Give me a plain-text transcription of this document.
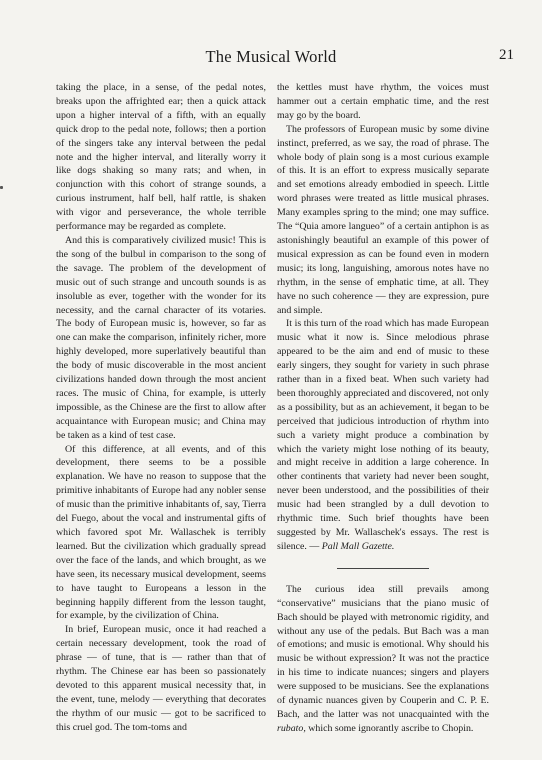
The Musical World	21

taking the place, in a sense, of the pedal notes, breaks upon the affrighted ear; then a quick attack upon a higher interval of a fifth, with an equally quick drop to the pedal note, follows; then a portion of the singers take any interval between the pedal note and the higher interval, and literally worry it like dogs shaking so many rats; and when, in conjunction with this cohort of strange sounds, a curious instrument, half bell, half rattle, is shaken with vigor and perseverance, the whole terrible performance may be regarded as complete.

And this is comparatively civilized music! This is the song of the bulbul in comparison to the song of the savage. The problem of the development of music out of such strange and uncouth sounds is as insoluble as ever, together with the wonder for its necessity, and the carnal character of its votaries. The body of European music is, however, so far as one can make the comparison, infinitely richer, more highly developed, more superlatively beautiful than the body of music discoverable in the most ancient civilizations handed down through the most ancient races. The music of China, for example, is utterly impossible, as the Chinese are the first to allow after acquaintance with European music; and China may be taken as a kind of test case.

Of this difference, at all events, and of this development, there seems to be a possible explanation. We have no reason to suppose that the primitive inhabitants of Europe had any nobler sense of music than the primitive inhabitants of, say, Tierra del Fuego, about the vocal and instrumental gifts of which favored spot Mr. Wallaschek is terribly learned. But the civilization which gradually spread over the face of the lands, and which brought, as we have seen, its necessary musical development, seems to have taught to Europeans a lesson in the beginning happily different from the lesson taught, for example, by the civilization of China.

In brief, European music, once it had reached a certain necessary development, took the road of phrase — of tune, that is — rather than that of rhythm. The Chinese ear has been so passionately devoted to this apparent musical necessity that, in the event, tune, melody — everything that decorates the rhythm of our music — got to be sacrificed to this cruel god. The tom-toms and

the kettles must have rhythm, the voices must hammer out a certain emphatic time, and the rest may go by the board.

The professors of European music by some divine instinct, preferred, as we say, the road of phrase. The whole body of plain song is a most curious example of this. It is an effort to express musically separate and set emotions already embodied in speech. Little word phrases were treated as little musical phrases. Many examples spring to the mind; one may suffice. The “Quia amore langueo” of a certain antiphon is as astonishingly beautiful an example of this power of musical expression as can be found even in modern music; its long, languishing, amorous notes have no rhythm, in the sense of emphatic time, at all. They have no such coherence — they are expression, pure and simple.

It is this turn of the road which has made European music what it now is. Since melodious phrase appeared to be the aim and end of music to these early singers, they sought for variety in such phrase rather than in a fixed beat. When such variety had been thoroughly appreciated and discovered, not only as a possibility, but as an achievement, it began to be perceived that judicious introduction of rhythm into such a variety might produce a combination by which the variety might lose nothing of its beauty, and might receive in addition a large coherence. In other continents that variety had never been sought, never been understood, and the possibilities of their music had been strangled by a dull devotion to rhythmic time. Such brief thoughts have been suggested by Mr. Wallaschek's essays. The rest is silence. — Pall Mall Gazette.

The curious idea still prevails among “conservative” musicians that the piano music of Bach should be played with metronomic rigidity, and without any use of the pedals. But Bach was a man of emotions; and music is emotional. Why should his music be without expression? It was not the practice in his time to indicate nuances; singers and players were supposed to be musicians. See the explanations of dynamic nuances given by Couperin and C. P. E. Bach, and the latter was not unacquainted with the rubato, which some ignorantly ascribe to Chopin.
